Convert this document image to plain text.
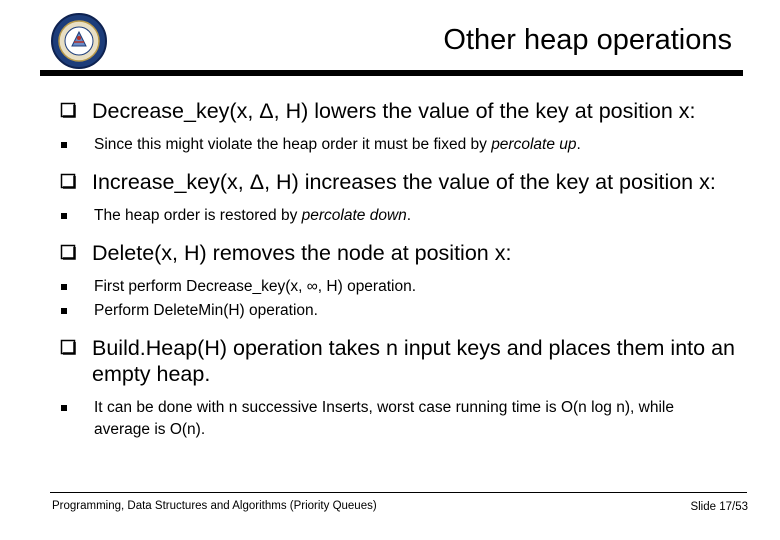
Other heap operations
Decrease_key(x, Δ, H) lowers the value of the key at position x:
Since this might violate the heap order it must be fixed by percolate up.
Increase_key(x, Δ, H) increases the value of the key at position x:
The heap order is restored by percolate down.
Delete(x, H) removes the node at position x:
First perform Decrease_key(x, ∞, H) operation.
Perform DeleteMin(H) operation.
Build.Heap(H) operation takes n input keys and places them into an empty heap.
It can be done with n successive Inserts, worst case running time is O(n log n), while average is O(n).
Programming, Data Structures and Algorithms (Priority Queues)	Slide 17/53
